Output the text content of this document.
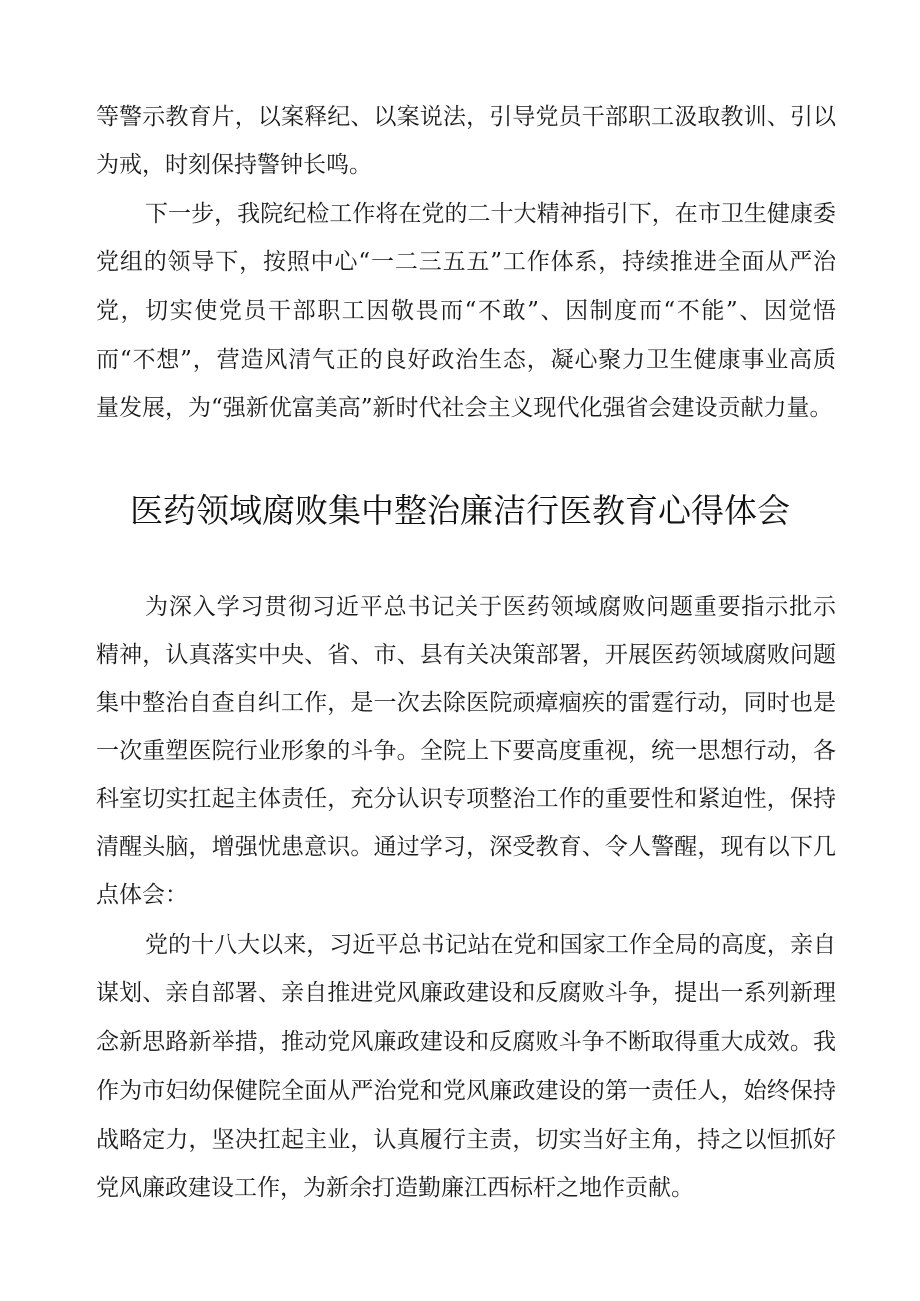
等警示教育片，以案释纪、以案说法，引导党员干部职工汲取教训、引以
为戒，时刻保持警钟长鸣。
下一步，我院纪检工作将在党的二十大精神指引下，在市卫生健康委
党组的领导下，按照中心“一二三五五”工作体系，持续推进全面从严治
党，切实使党员干部职工因敬畏而“不敢”、因制度而“不能”、因觉悟
而“不想”，营造风清气正的良好政治生态，凝心聚力卫生健康事业高质
量发展，为“强新优富美高”新时代社会主义现代化强省会建设贡献力量。
医药领域腐败集中整治廉洁行医教育心得体会
为深入学习贯彻习近平总书记关于医药领域腐败问题重要指示批示
精神，认真落实中央、省、市、县有关决策部署，开展医药领域腐败问题
集中整治自查自纠工作，是一次去除医院顽瘴痼疾的雷霆行动，同时也是
一次重塑医院行业形象的斗争。全院上下要高度重视，统一思想行动，各
科室切实扛起主体责任，充分认识专项整治工作的重要性和紧迫性，保持
清醒头脑，增强忧患意识。通过学习，深受教育、令人警醒，现有以下几
点体会：
党的十八大以来，习近平总书记站在党和国家工作全局的高度，亲自
谋划、亲自部署、亲自推进党风廉政建设和反腐败斗争，提出一系列新理
念新思路新举措，推动党风廉政建设和反腐败斗争不断取得重大成效。我
作为市妇幼保健院全面从严治党和党风廉政建设的第一责任人，始终保持
战略定力，坚决扛起主业，认真履行主责，切实当好主角，持之以恒抓好
党风廉政建设工作，为新余打造勤廉江西标杆之地作贡献。
